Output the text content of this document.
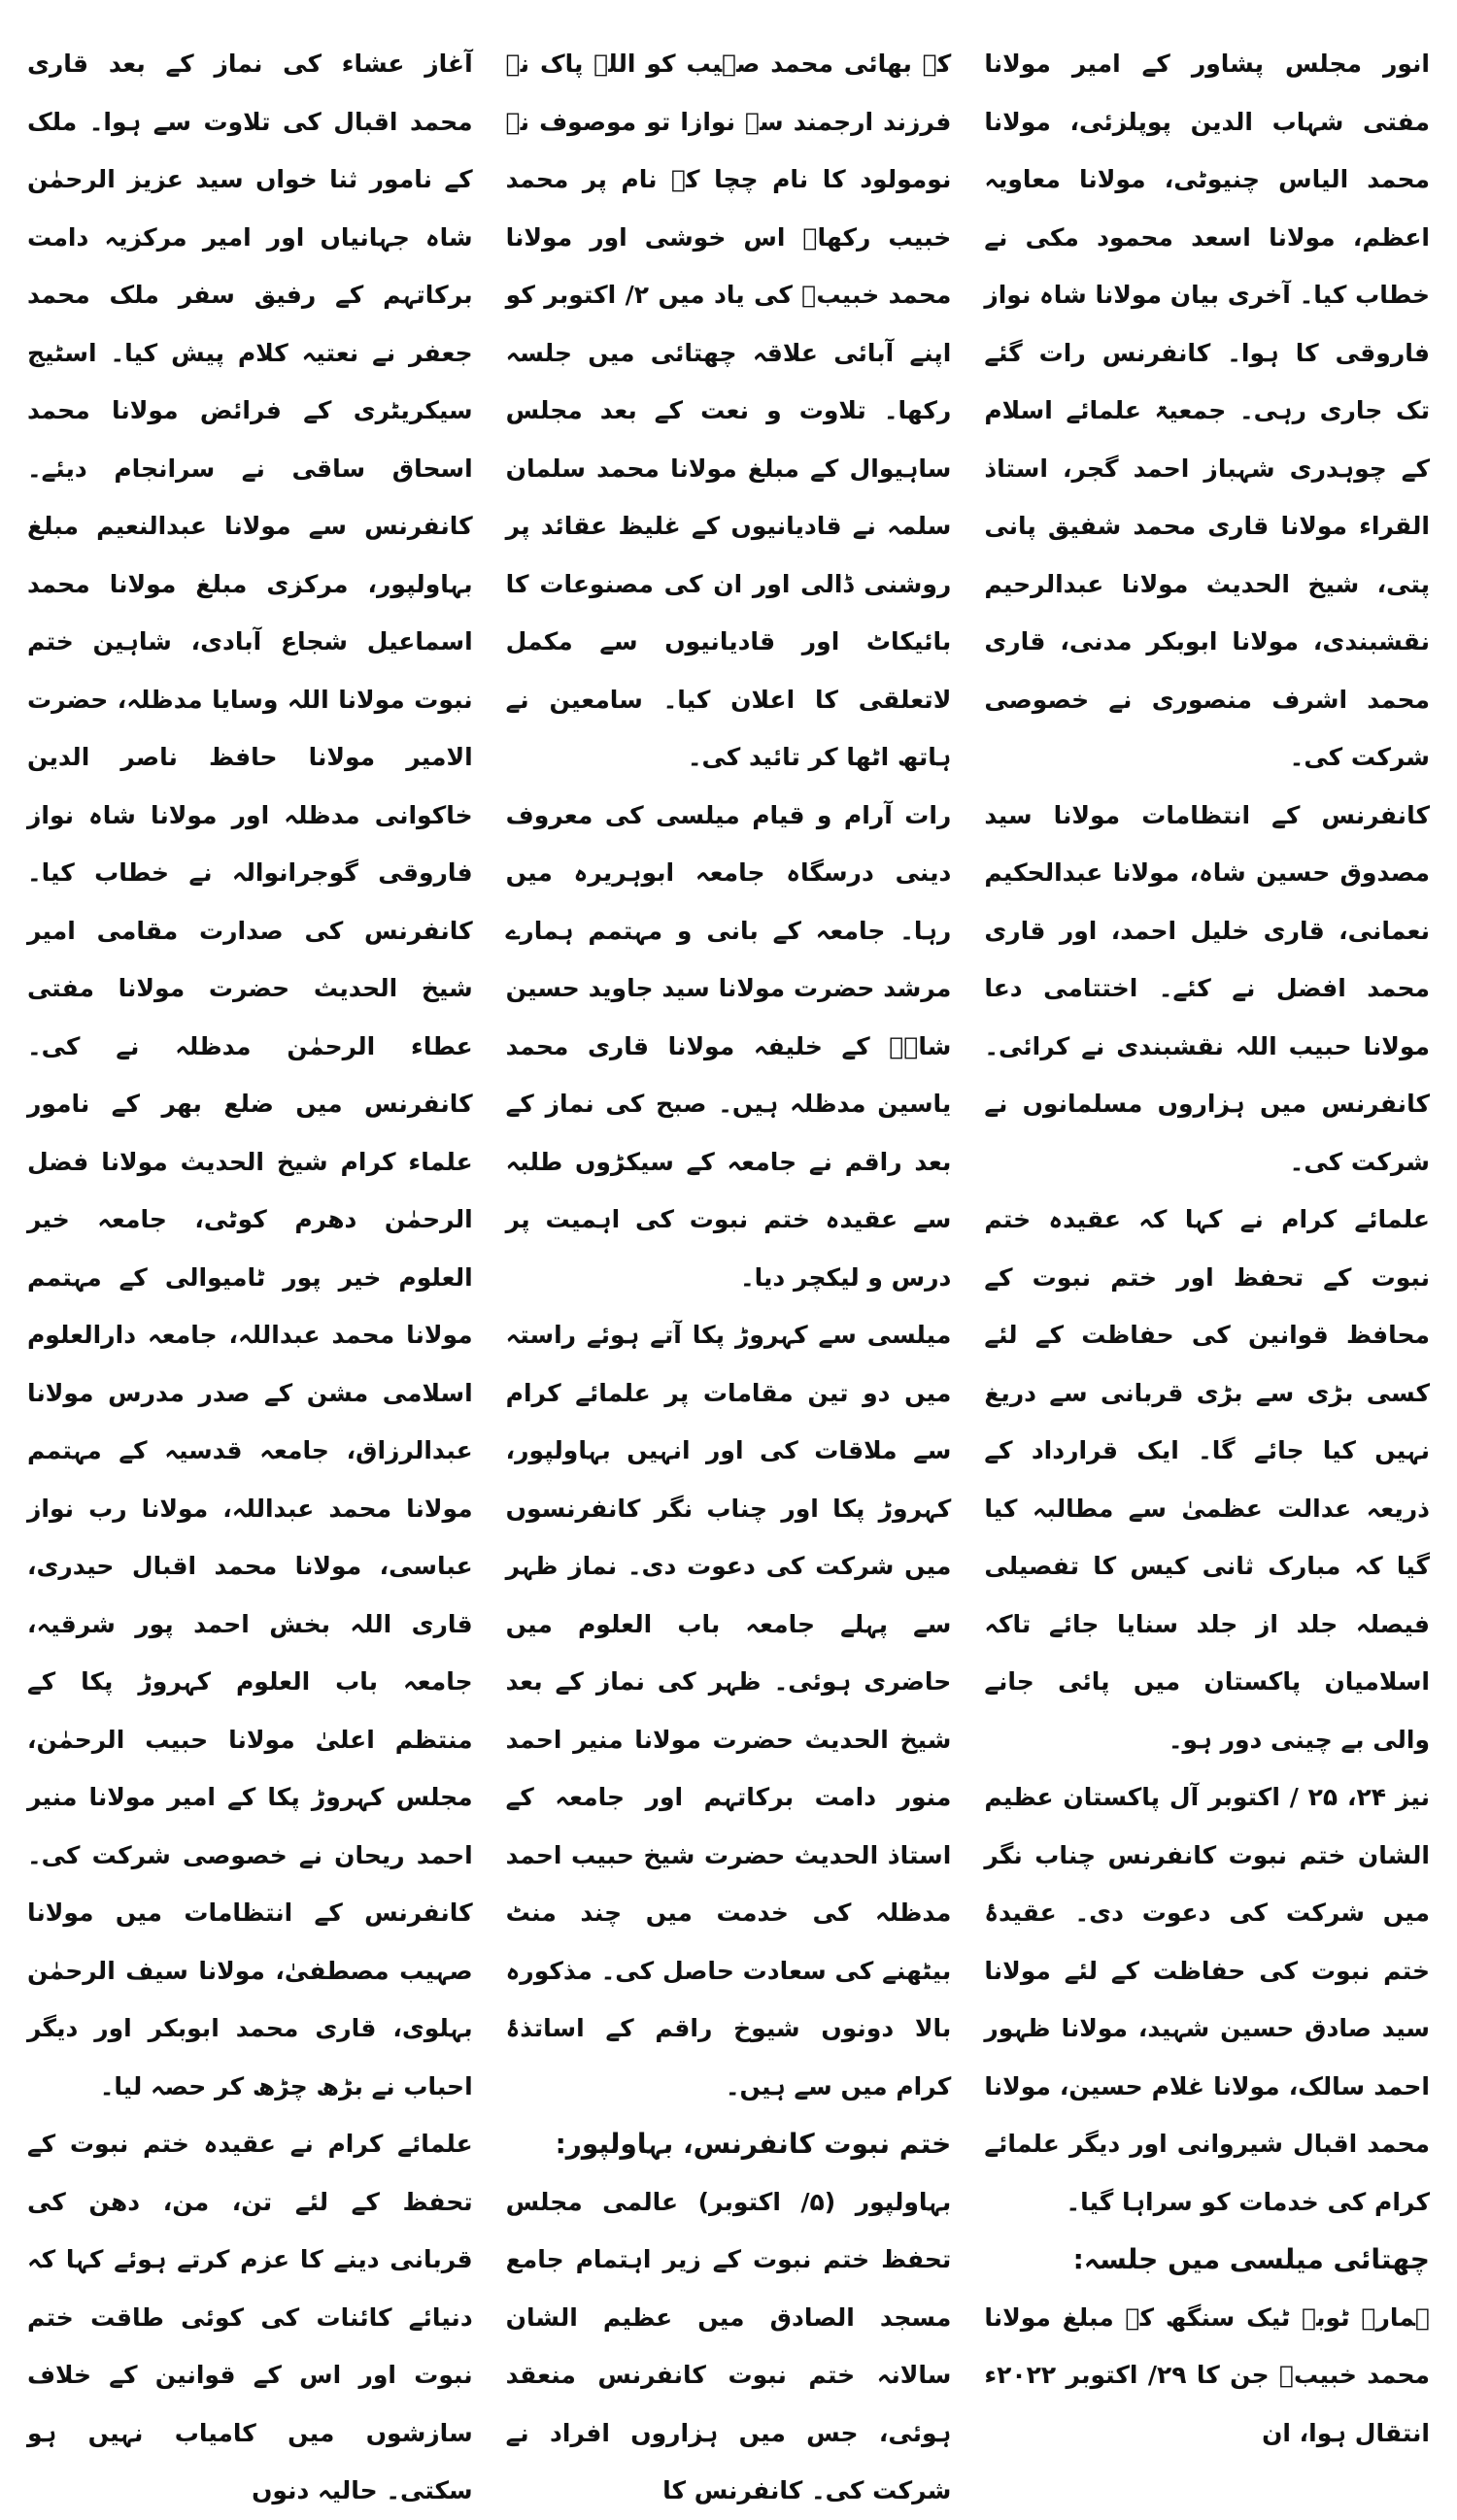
انور مجلس پشاور کے امیر مولانا مفتی شہاب الدین پوپلزئی، مولانا محمد الیاس چنیوٹی، مولانا معاویہ اعظم، مولانا اسعد محمود مکی نے خطاب کیا۔ آخری بیان مولانا شاہ نواز فاروقی کا ہوا۔ کانفرنس رات گئے تک جاری رہی۔ جمعیۃ علمائے اسلام کے چوہدری شہباز احمد گجر، استاذ القراء مولانا قاری محمد شفیق پانی پتی، شیخ الحدیث مولانا عبدالرحیم نقشبندی، مولانا ابوبکر مدنی، قاری محمد اشرف منصوری نے خصوصی شرکت کی۔

کانفرنس کے انتظامات مولانا سید مصدوق حسین شاہ، مولانا عبدالحکیم نعمانی، قاری خلیل احمد، اور قاری محمد افضل نے کئے۔ اختتامی دعا مولانا حبیب اللہ نقشبندی نے کرائی۔ کانفرنس میں ہزاروں مسلمانوں نے شرکت کی۔

علمائے کرام نے کہا کہ عقیدہ ختم نبوت کے تحفظ اور ختم نبوت کے محافظ قوانین کی حفاظت کے لئے کسی بڑی سے بڑی قربانی سے دریغ نہیں کیا جائے گا۔ ایک قرارداد کے ذریعہ عدالت عظمیٰ سے مطالبہ کیا گیا کہ مبارک ثانی کیس کا تفصیلی فیصلہ جلد از جلد سنایا جائے تاکہ اسلامیان پاکستان میں پائی جانے والی بے چینی دور ہو۔

نیز ۲۴، ۲۵ / اکتوبر آل پاکستان عظیم الشان ختم نبوت کانفرنس چناب نگر میں شرکت کی دعوت دی۔ عقیدۂ ختم نبوت کی حفاظت کے لئے مولانا سید صادق حسین شہید، مولانا ظہور احمد سالک، مولانا غلام حسین، مولانا محمد اقبال شیروانی اور دیگر علمائے کرام کی خدمات کو سراہا گیا۔

چھتائی میلسی میں جلسہ:

ہمارے ٹوبہ ٹیک سنگھ کے مبلغ مولانا محمد خبیبؒ جن کا ۲۹/ اکتوبر ۲۰۲۲ء انتقال ہوا، ان

کے بھائی محمد صہیب کو اللہ پاک نے فرزند ارجمند سے نوازا تو موصوف نے نومولود کا نام چچا کے نام پر محمد خبیب رکھا۔ اس خوشی اور مولانا محمد خبیبؒ کی یاد میں ۲/ اکتوبر کو اپنے آبائی علاقہ چھتائی میں جلسہ رکھا۔ تلاوت و نعت کے بعد مجلس ساہیوال کے مبلغ مولانا محمد سلمان سلمہ نے قادیانیوں کے غلیظ عقائد پر روشنی ڈالی اور ان کی مصنوعات کا بائیکاٹ اور قادیانیوں سے مکمل لاتعلقی کا اعلان کیا۔ سامعین نے ہاتھ اٹھا کر تائید کی۔

رات آرام و قیام میلسی کی معروف دینی درسگاہ جامعہ ابوہریرہ میں رہا۔ جامعہ کے بانی و مہتمم ہمارے مرشد حضرت مولانا سید جاوید حسین شاہؒ کے خلیفہ مولانا قاری محمد یاسین مدظلہ ہیں۔ صبح کی نماز کے بعد راقم نے جامعہ کے سیکڑوں طلبہ سے عقیدہ ختم نبوت کی اہمیت پر درس و لیکچر دیا۔

میلسی سے کہروڑ پکا آتے ہوئے راستہ میں دو تین مقامات پر علمائے کرام سے ملاقات کی اور انہیں بہاولپور، کہروڑ پکا اور چناب نگر کانفرنسوں میں شرکت کی دعوت دی۔ نماز ظہر سے پہلے جامعہ باب العلوم میں حاضری ہوئی۔ ظہر کی نماز کے بعد شیخ الحدیث حضرت مولانا منیر احمد منور دامت برکاتہم اور جامعہ کے استاذ الحدیث حضرت شیخ حبیب احمد مدظلہ کی خدمت میں چند منٹ بیٹھنے کی سعادت حاصل کی۔ مذکورہ بالا دونوں شیوخ راقم کے اساتذۂ کرام میں سے ہیں۔

ختم نبوت کانفرنس، بہاولپور:

بہاولپور (۵/ اکتوبر) عالمی مجلس تحفظ ختم نبوت کے زیر اہتمام جامع مسجد الصادق میں عظیم الشان سالانہ ختم نبوت کانفرنس منعقد ہوئی، جس میں ہزاروں افراد نے شرکت کی۔ کانفرنس کا

آغاز عشاء کی نماز کے بعد قاری محمد اقبال کی تلاوت سے ہوا۔ ملک کے نامور ثنا خواں سید عزیز الرحمٰن شاہ جہانیاں اور امیر مرکزیہ دامت برکاتہم کے رفیق سفر ملک محمد جعفر نے نعتیہ کلام پیش کیا۔ اسٹیج سیکریٹری کے فرائض مولانا محمد اسحاق ساقی نے سرانجام دیئے۔ کانفرنس سے مولانا عبدالنعیم مبلغ بہاولپور، مرکزی مبلغ مولانا محمد اسماعیل شجاع آبادی، شاہین ختم نبوت مولانا اللہ وسایا مدظلہ، حضرت الامیر مولانا حافظ ناصر الدین خاکوانی مدظلہ اور مولانا شاہ نواز فاروقی گوجرانوالہ نے خطاب کیا۔ کانفرنس کی صدارت مقامی امیر شیخ الحدیث حضرت مولانا مفتی عطاء الرحمٰن مدظلہ نے کی۔ کانفرنس میں ضلع بھر کے نامور علماء کرام شیخ الحدیث مولانا فضل الرحمٰن دھرم کوٹی، جامعہ خیر العلوم خیر پور ٹامیوالی کے مہتمم مولانا محمد عبداللہ، جامعہ دارالعلوم اسلامی مشن کے صدر مدرس مولانا عبدالرزاق، جامعہ قدسیہ کے مہتمم مولانا محمد عبداللہ، مولانا رب نواز عباسی، مولانا محمد اقبال حیدری، قاری اللہ بخش احمد پور شرقیہ، جامعہ باب العلوم کہروڑ پکا کے منتظم اعلیٰ مولانا حبیب الرحمٰن، مجلس کہروڑ پکا کے امیر مولانا منیر احمد ریحان نے خصوصی شرکت کی۔ کانفرنس کے انتظامات میں مولانا صہیب مصطفیٰ، مولانا سیف الرحمٰن بہلوی، قاری محمد ابوبکر اور دیگر احباب نے بڑھ چڑھ کر حصہ لیا۔

علمائے کرام نے عقیدہ ختم نبوت کے تحفظ کے لئے تن، من، دھن کی قربانی دینے کا عزم کرتے ہوئے کہا کہ دنیائے کائنات کی کوئی طاقت ختم نبوت اور اس کے قوانین کے خلاف سازشوں میں کامیاب نہیں ہو سکتی۔ حالیہ دنوں
